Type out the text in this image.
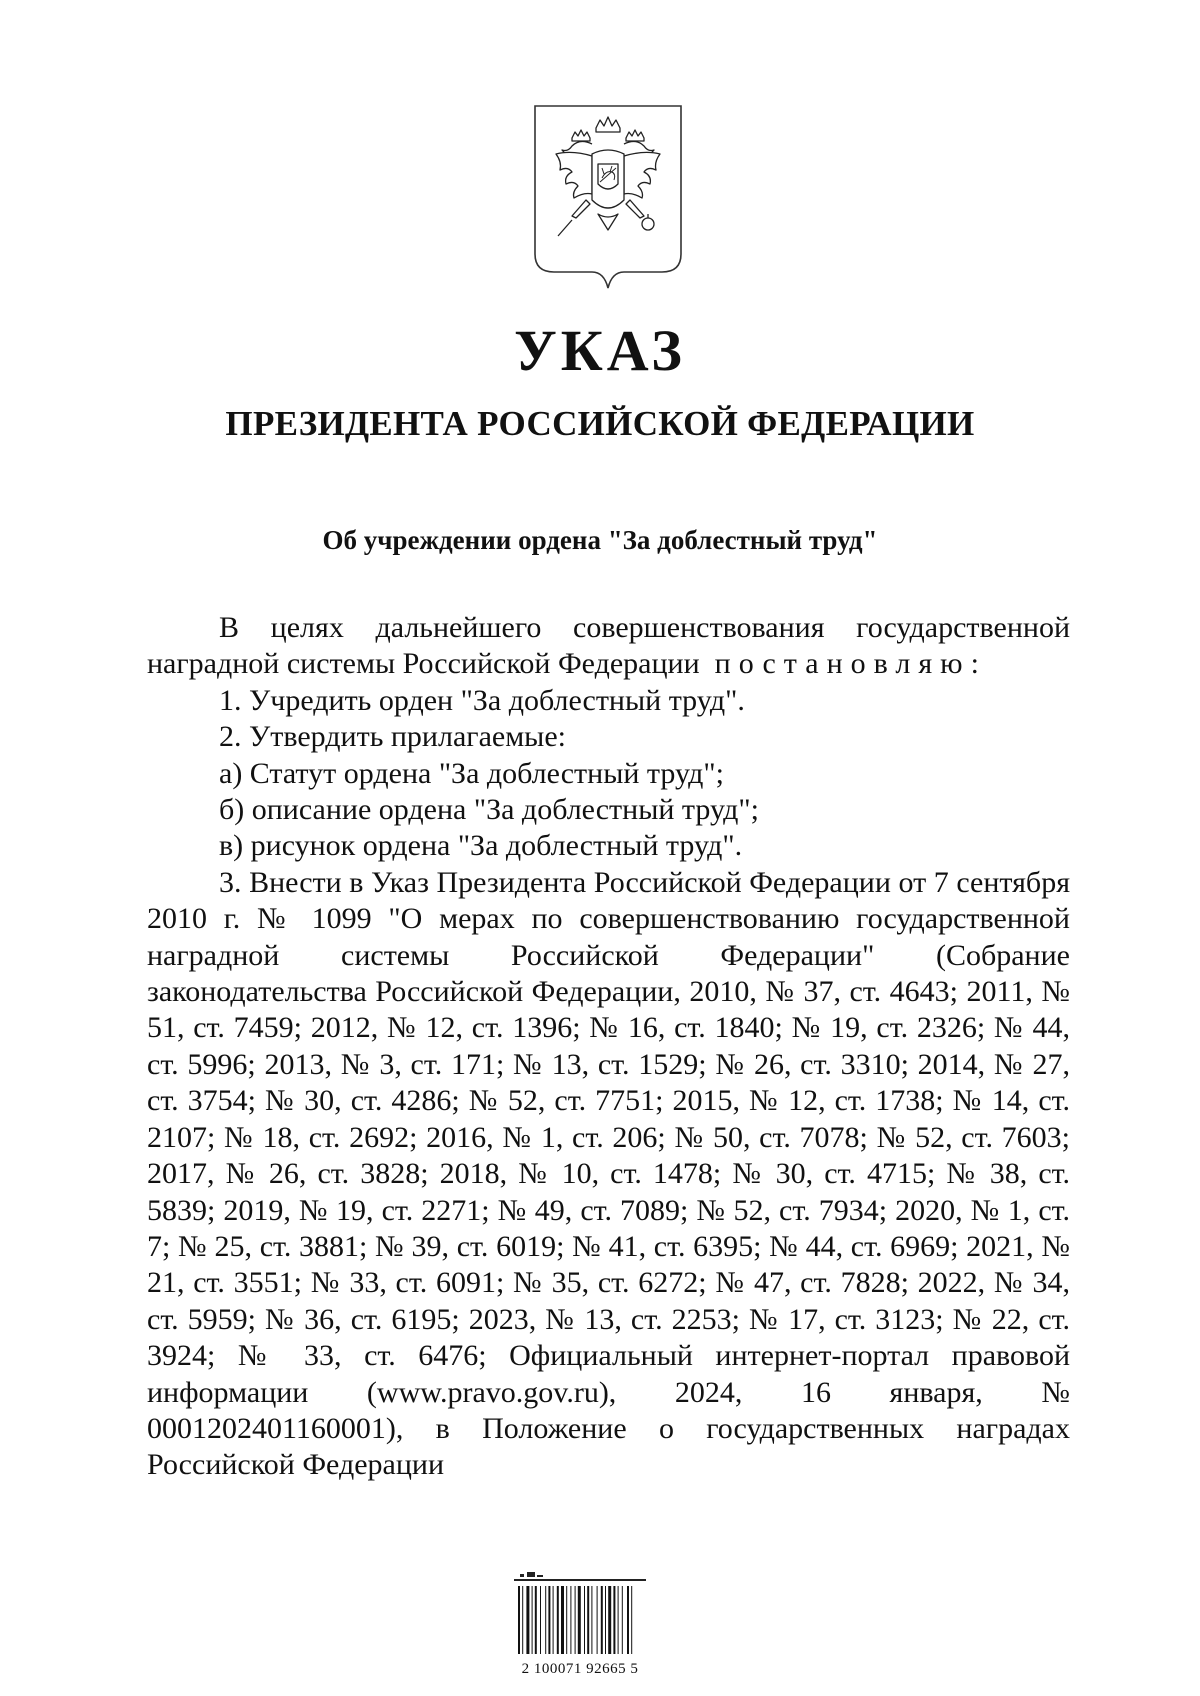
УКАЗ
ПРЕЗИДЕНТА РОССИЙСКОЙ ФЕДЕРАЦИИ
Об учреждении ордена "За доблестный труд"

В целях дальнейшего совершенствования государственной

наградной системы Российской Федерации постановляю:

1. Учредить орден "За доблестный труд".

2. Утвердить прилагаемые:

а) Статут ордена "За доблестный труд";

б) описание ордена "За доблестный труд";

в) рисунок ордена "За доблестный труд".

3. Внести в Указ Президента Российской Федерации от 7 сентября 2010 г. № 1099 "О мерах по совершенствованию государственной наградной системы Российской Федерации" (Собрание законодательства Российской Федерации, 2010, № 37, ст. 4643; 2011, № 51, ст. 7459; 2012, № 12, ст. 1396; № 16, ст. 1840; № 19, ст. 2326; № 44, ст. 5996; 2013, № 3, ст. 171; № 13, ст. 1529; № 26, ст. 3310; 2014, № 27, ст. 3754; № 30, ст. 4286; № 52, ст. 7751; 2015, № 12, ст. 1738; № 14, ст. 2107; № 18, ст. 2692; 2016, № 1, ст. 206; № 50, ст. 7078; № 52, ст. 7603; 2017, № 26, ст. 3828; 2018, № 10, ст. 1478; № 30, ст. 4715; № 38, ст. 5839; 2019, № 19, ст. 2271; № 49, ст. 7089; № 52, ст. 7934; 2020, № 1, ст. 7; № 25, ст. 3881; № 39, ст. 6019; № 41, ст. 6395; № 44, ст. 6969; 2021, № 21, ст. 3551; № 33, ст. 6091; № 35, ст. 6272; № 47, ст. 7828; 2022, № 34, ст. 5959; № 36, ст. 6195; 2023, № 13, ст. 2253; № 17, ст. 3123; № 22, ст. 3924; № 33, ст. 6476; Официальный интернет-портал правовой информации (www.pravo.gov.ru), 2024, 16 января, № 0001202401160001), в Положение о государственных наградах Российской Федерации

2 100071 92665 5
